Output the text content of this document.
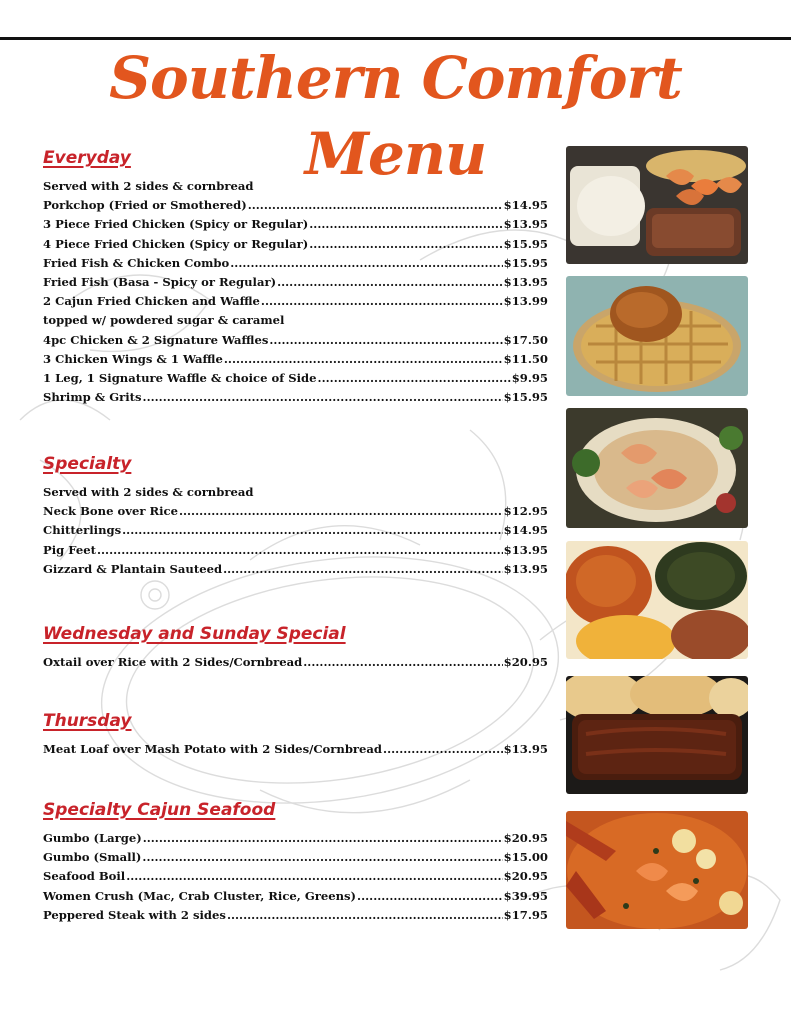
Southern Comfort Menu
Everyday
Served with 2 sides & cornbread
Porkchop (Fried or Smothered) .....	$14.95
3 Piece Fried Chicken (Spicy or Regular) .....	$13.95
4 Piece Fried Chicken (Spicy or Regular) .....	$15.95
Fried Fish & Chicken Combo .....	$15.95
Fried Fish (Basa - Spicy or Regular) .....	$13.95
2 Cajun Fried Chicken and Waffle .....	$13.99
topped w/ powdered sugar & caramel
4pc Chicken & 2 Signature Waffles .....	$17.50
3 Chicken Wings & 1 Waffle .....	$11.50
1 Leg, 1 Signature Waffle & choice of Side .....	$9.95
Shrimp & Grits .....	$15.95
Specialty
Served with 2 sides & cornbread
Neck Bone over Rice .....	$12.95
Chitterlings .....	$14.95
Pig Feet .....	$13.95
Gizzard & Plantain Sauteed .....	$13.95
Wednesday and Sunday Special
Oxtail over Rice with 2 Sides/Cornbread .....	$20.95
Thursday
Meat Loaf over Mash Potato with 2 Sides/Cornbread .....	$13.95
Specialty Cajun Seafood
Gumbo (Large) .....	$20.95
Gumbo (Small) .....	$15.00
Seafood Boil .....	$20.95
Women Crush (Mac, Crab Cluster, Rice, Greens) .....	$39.95
Peppered Steak with 2 sides .....	$17.95
